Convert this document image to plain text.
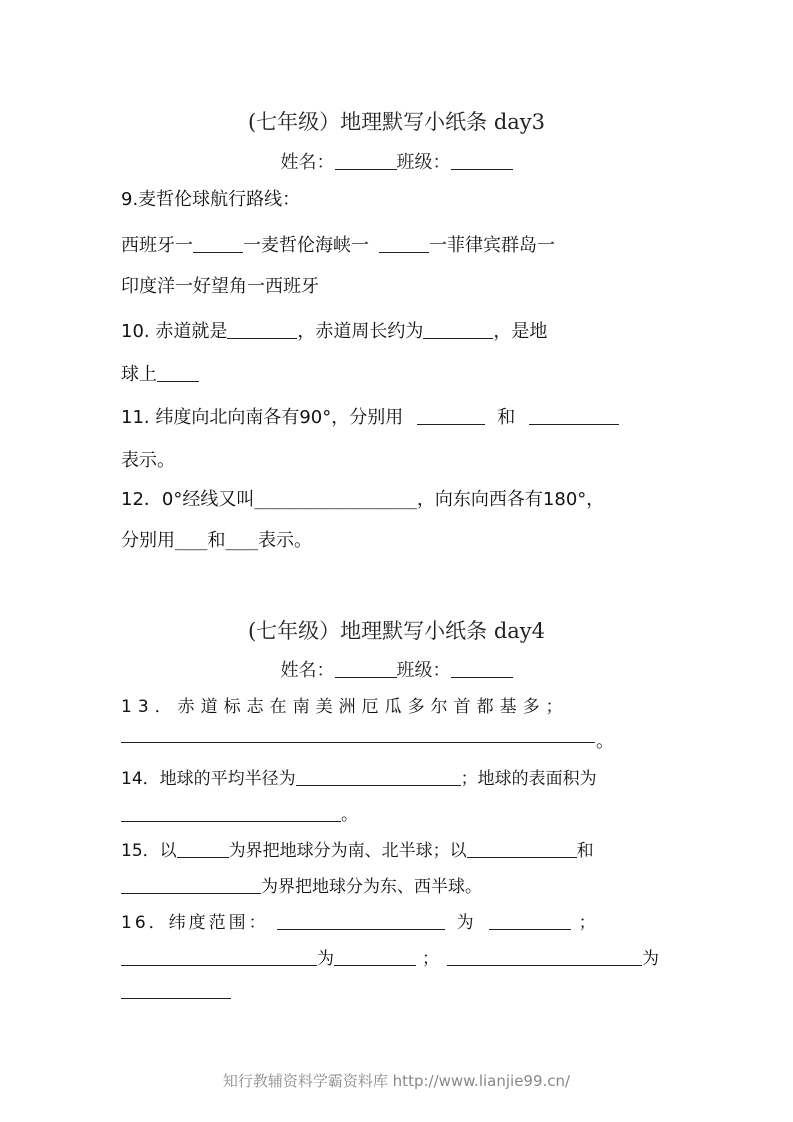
(七年级）地理默写小纸条 day3
姓名：	班级：
9.麦哲伦球航行路线：
西班牙一	一麦哲伦海峡一	一菲律宾群岛一
印度洋一好望角一西班牙
10. 赤道就是	，赤道周长约为	，是地
球上
11. 纬度向北向南各有90°，分别用	和
表示。
12．0°经线又叫_______________，向东向西各有180°，
分别用___和___表示。
(七年级）地理默写小纸条 day4
姓名：	班级：
13．赤道标志在南美洲厄瓜多尔首都基多；
。
14．地球的平均半径为	；地球的表面积为
。
15．以	为界把地球分为南、北半球；以	和
为界把地球分为东、西半球。
16．纬度范围：	为	；
为	；	为
知行教辅资料学霸资料库 http://www.lianjie99.cn/
